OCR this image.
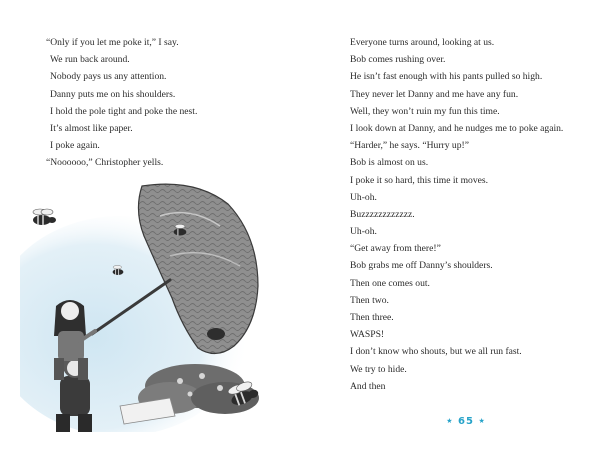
“Only if you let me poke it,” I say.
We run back around.
Nobody pays us any attention.
Danny puts me on his shoulders.
I hold the pole tight and poke the nest.
It’s almost like paper.
I poke again.
“Noooooo,” Christopher yells.
Everyone turns around, looking at us.
Bob comes rushing over.
He isn’t fast enough with his pants pulled so high.
They never let Danny and me have any fun.
Well, they won’t ruin my fun this time.
I look down at Danny, and he nudges me to poke again.
“Harder,” he says. “Hurry up!”
Bob is almost on us.
I poke it so hard, this time it moves.
Uh-oh.
Buzzzzzzzzzzzz.
Uh-oh.
“Get away from there!”
Bob grabs me off Danny’s shoulders.
Then one comes out.
Then two.
Then three.
WASPS!
I don’t know who shouts, but we all run fast.
We try to hide.
And then
★ 65 ★
